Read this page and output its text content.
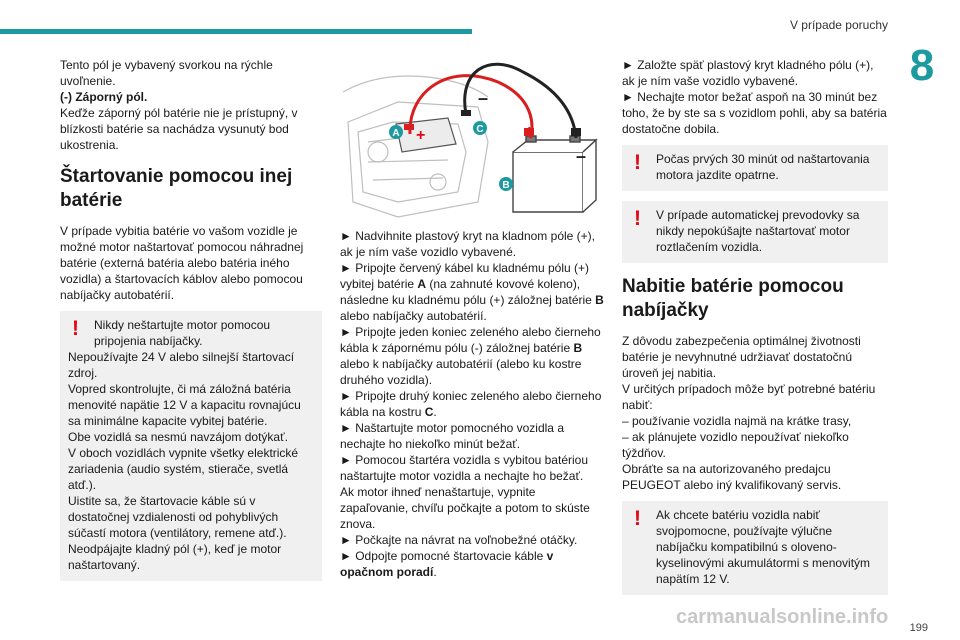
V prípade poruchy
8

Tento pól je vybavený svorkou na rýchle uvoľnenie.

(-) Záporný pól.

Keďže záporný pól batérie nie je prístupný, v blízkosti batérie sa nachádza vysunutý bod ukostrenia.

Štartovanie pomocou inej batérie

V prípade vybitia batérie vo vašom vozidle je možné motor naštartovať pomocou náhradnej batérie (externá batéria alebo batéria iného vozidla) a štartovacích káblov alebo pomocou nabíjačky autobatérií.

!	Nikdy neštartujte motor pomocou pripojenia nabíjačky.

Nepoužívajte 24 V alebo silnejší štartovací zdroj.

Vopred skontrolujte, či má záložná batéria menovité napätie 12 V a kapacitu rovnajúcu sa minimálne kapacite vybitej batérie.

Obe vozidlá sa nesmú navzájom dotýkať.

V oboch vozidlách vypnite všetky elektrické zariadenia (audio systém, stierače, svetlá atď.).

Uistite sa, že štartovacie káble sú v dostatočnej vzdialenosti od pohyblivých súčastí motora (ventilátory, remene atď.).

Neodpájajte kladný pól (+), keď je motor naštartovaný.

+
–
–
A
B
C

► Nadvihnite plastový kryt na kladnom póle (+), ak je ním vaše vozidlo vybavené.

► Pripojte červený kábel ku kladnému pólu (+) vybitej batérie A (na zahnuté kovové koleno), následne ku kladnému pólu (+) záložnej batérie B alebo nabíjačky autobatérií.

► Pripojte jeden koniec zeleného alebo čierneho kábla k zápornému pólu (-) záložnej batérie B alebo k nabíjačky autobatérií (alebo ku kostre druhého vozidla).

► Pripojte druhý koniec zeleného alebo čierneho kábla na kostru C.

► Naštartujte motor pomocného vozidla a nechajte ho niekoľko minút bežať.

► Pomocou štartéra vozidla s vybitou batériou naštartujte motor vozidla a nechajte ho bežať.

Ak motor ihneď nenaštartuje, vypnite zapaľovanie, chvíľu počkajte a potom to skúste znova.

► Počkajte na návrat na voľnobežné otáčky.

► Odpojte pomocné štartovacie káble v opačnom poradí.

► Založte späť plastový kryt kladného pólu (+), ak je ním vaše vozidlo vybavené.

► Nechajte motor bežať aspoň na 30 minút bez toho, že by ste sa s vozidlom pohli, aby sa batéria dostatočne dobila.

!	Počas prvých 30 minút od naštartovania motora jazdite opatrne.

!	V prípade automatickej prevodovky sa nikdy nepokúšajte naštartovať motor roztlačením vozidla.

Nabitie batérie pomocou nabíjačky

Z dôvodu zabezpečenia optimálnej životnosti batérie je nevyhnutné udržiavať dostatočnú úroveň jej nabitia.

V určitých prípadoch môže byť potrebné batériu nabiť:

– používanie vozidla najmä na krátke trasy,

– ak plánujete vozidlo nepoužívať niekoľko týždňov.

Obráťte sa na autorizovaného predajcu PEUGEOT alebo iný kvalifikovaný servis.

!	Ak chcete batériu vozidla nabiť svojpomocne, používajte výlučne nabíjačku kompatibilnú s oloveno-kyselinovými akumulátormi s menovitým napätím 12 V.

199
carmanualsonline.info
